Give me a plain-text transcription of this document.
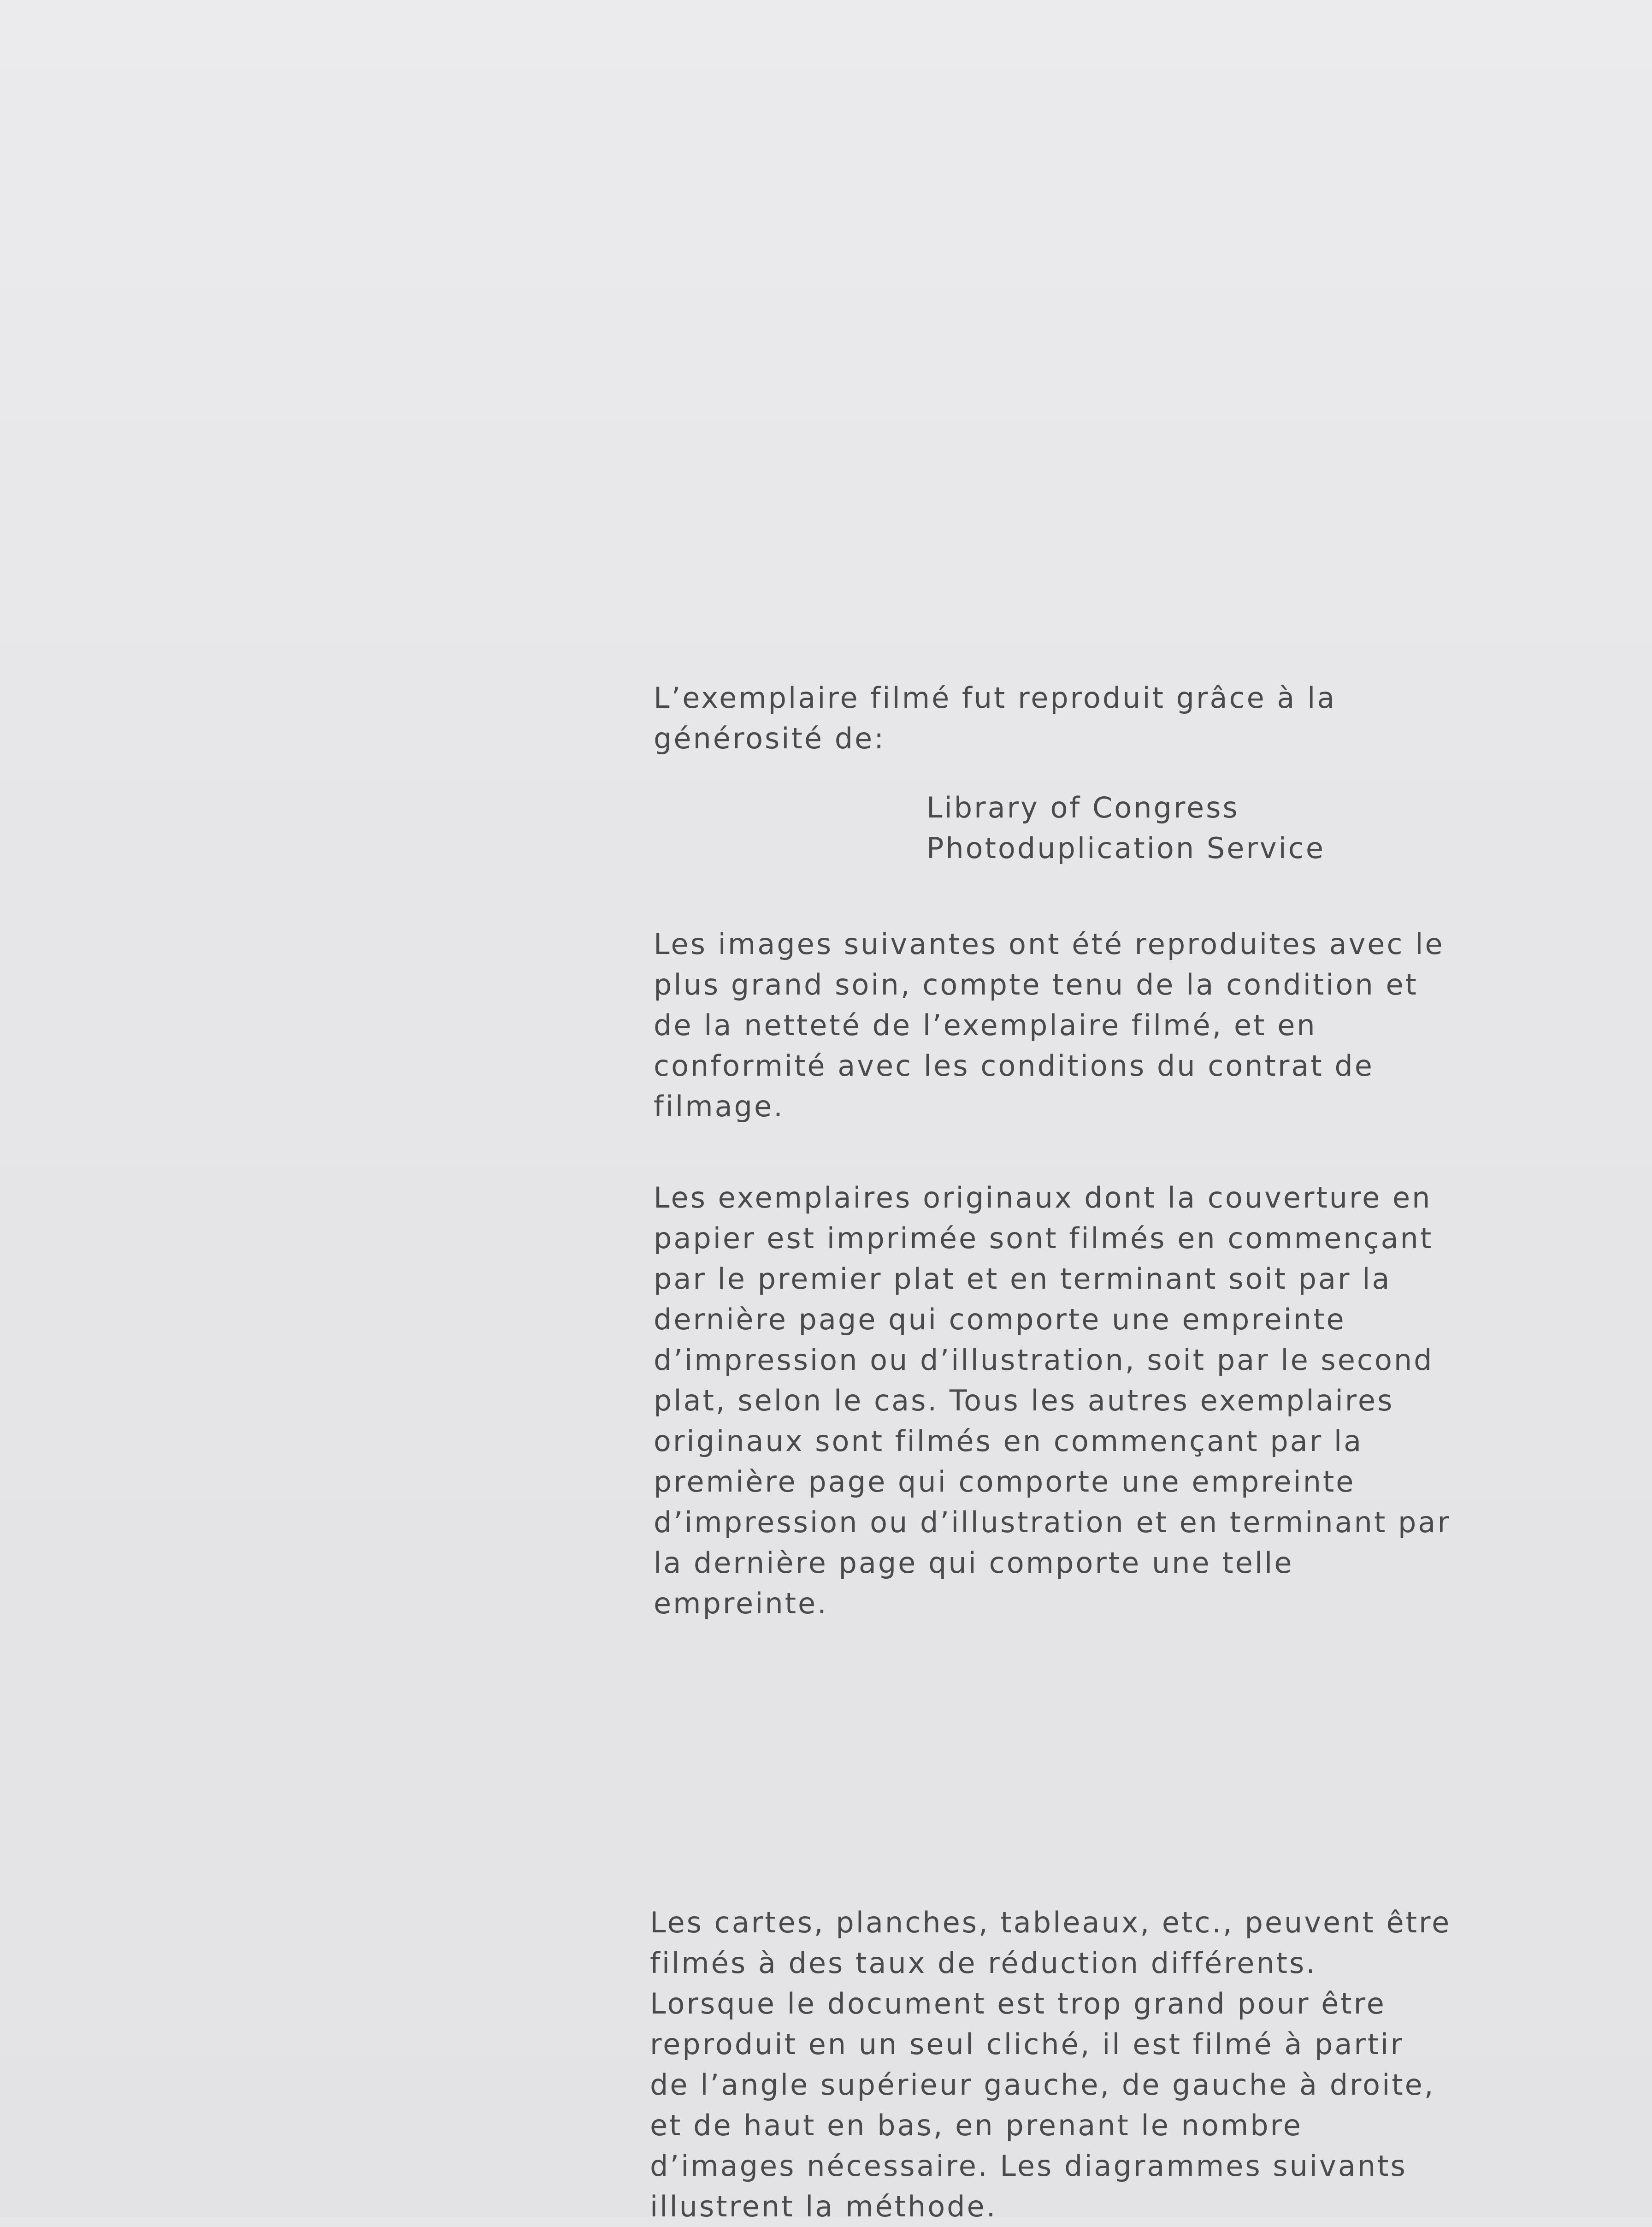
L’exemplaire filmé fut reproduit grâce à la
générosité de:
Library of Congress
Photoduplication Service
Les images suivantes ont été reproduites avec le
plus grand soin, compte tenu de la condition et
de la netteté de l’exemplaire filmé, et en
conformité avec les conditions du contrat de
filmage.
Les exemplaires originaux dont la couverture en
papier est imprimée sont filmés en commençant
par le premier plat et en terminant soit par la
dernière page qui comporte une empreinte
d’impression ou d’illustration, soit par le second
plat, selon le cas. Tous les autres exemplaires
originaux sont filmés en commençant par la
première page qui comporte une empreinte
d’impression ou d’illustration et en terminant par
la dernière page qui comporte une telle
empreinte.
Les cartes, planches, tableaux, etc., peuvent être
filmés à des taux de réduction différents.
Lorsque le document est trop grand pour être
reproduit en un seul cliché, il est filmé à partir
de l’angle supérieur gauche, de gauche à droite,
et de haut en bas, en prenant le nombre
d’images nécessaire. Les diagrammes suivants
illustrent la méthode.
